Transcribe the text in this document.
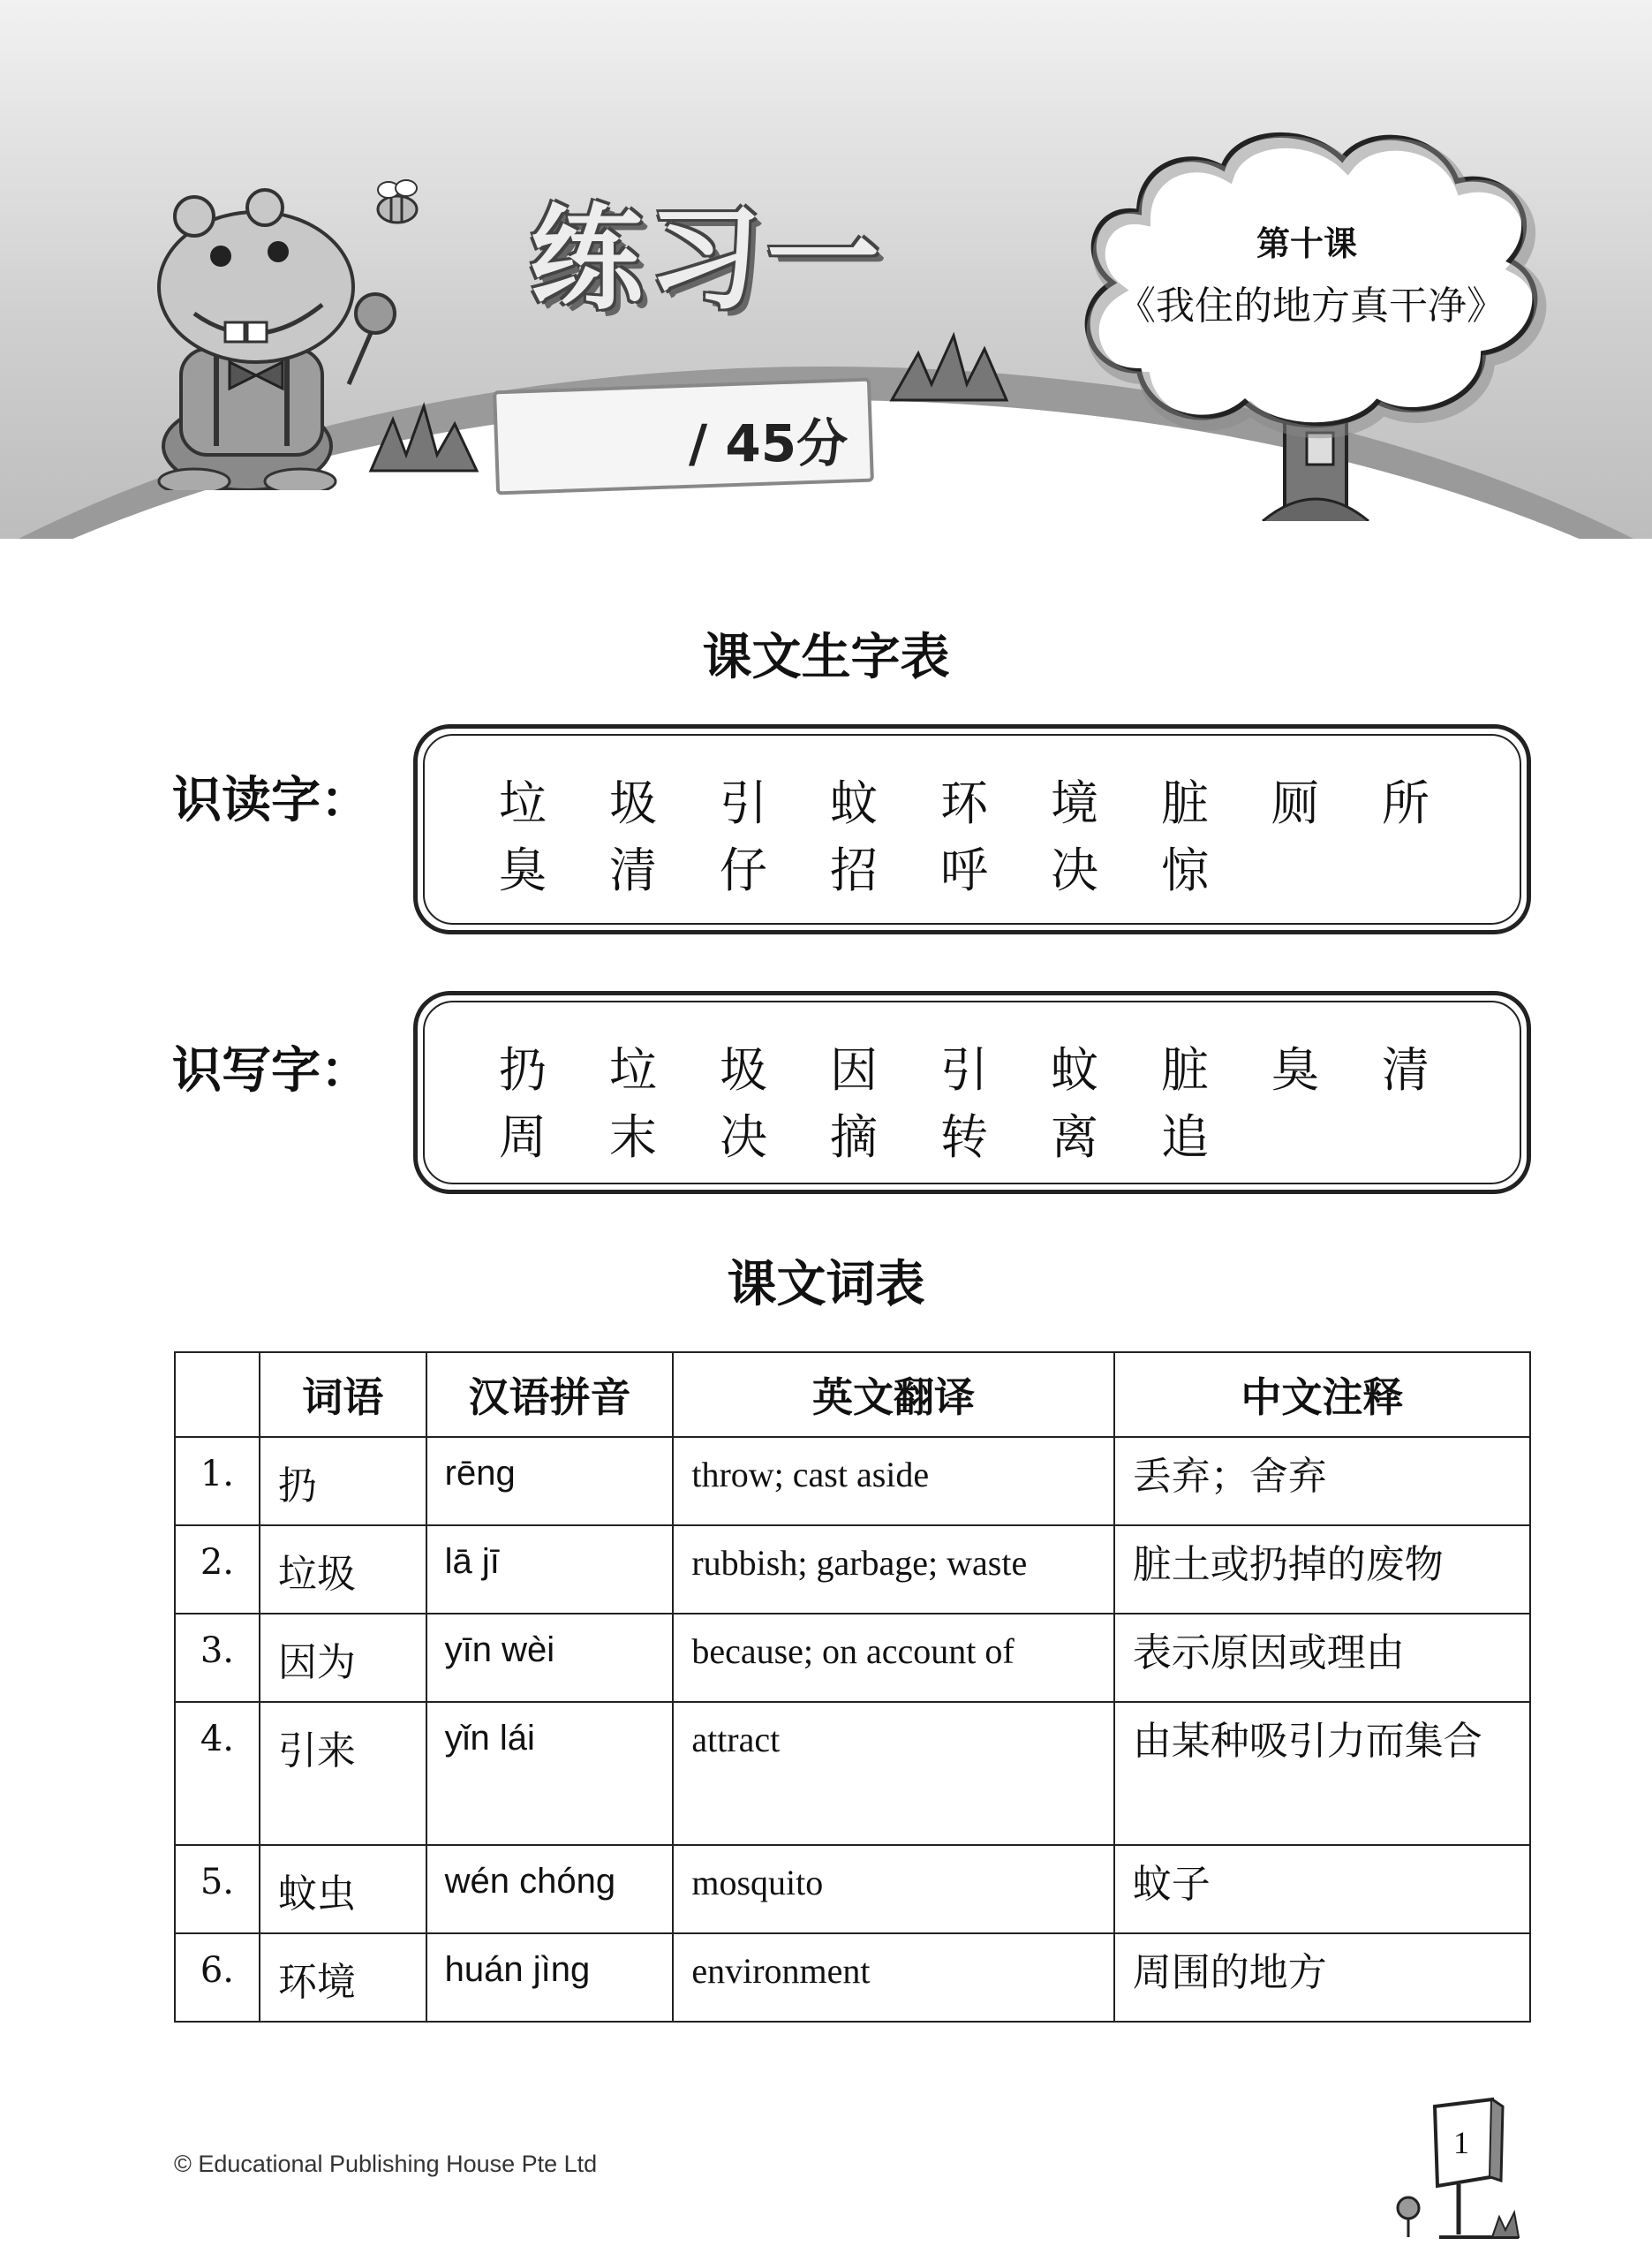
练习一
/ 45分
第十课
《我住的地方真干净》
课文生字表
识读字：	垃	圾	引	蚊	环	境	脏	厕	所
臭	清	仔	招	呼	决	惊
识写字：	扔	垃	圾	因	引	蚊	脏	臭	清
周	末	决	摘	转	离	追
课文词表
	词语	汉语拼音	英文翻译	中文注释
1.	扔	rēng	throw; cast aside	丢弃；舍弃
2.	垃圾	lā jī	rubbish; garbage; waste	脏土或扔掉的废物
3.	因为	yīn wèi	because; on account of	表示原因或理由
4.	引来	yǐn lái	attract	由某种吸引力而集合
5.	蚊虫	wén chóng	mosquito	蚊子
6.	环境	huán jìng	environment	周围的地方
© Educational Publishing House Pte Ltd
1
